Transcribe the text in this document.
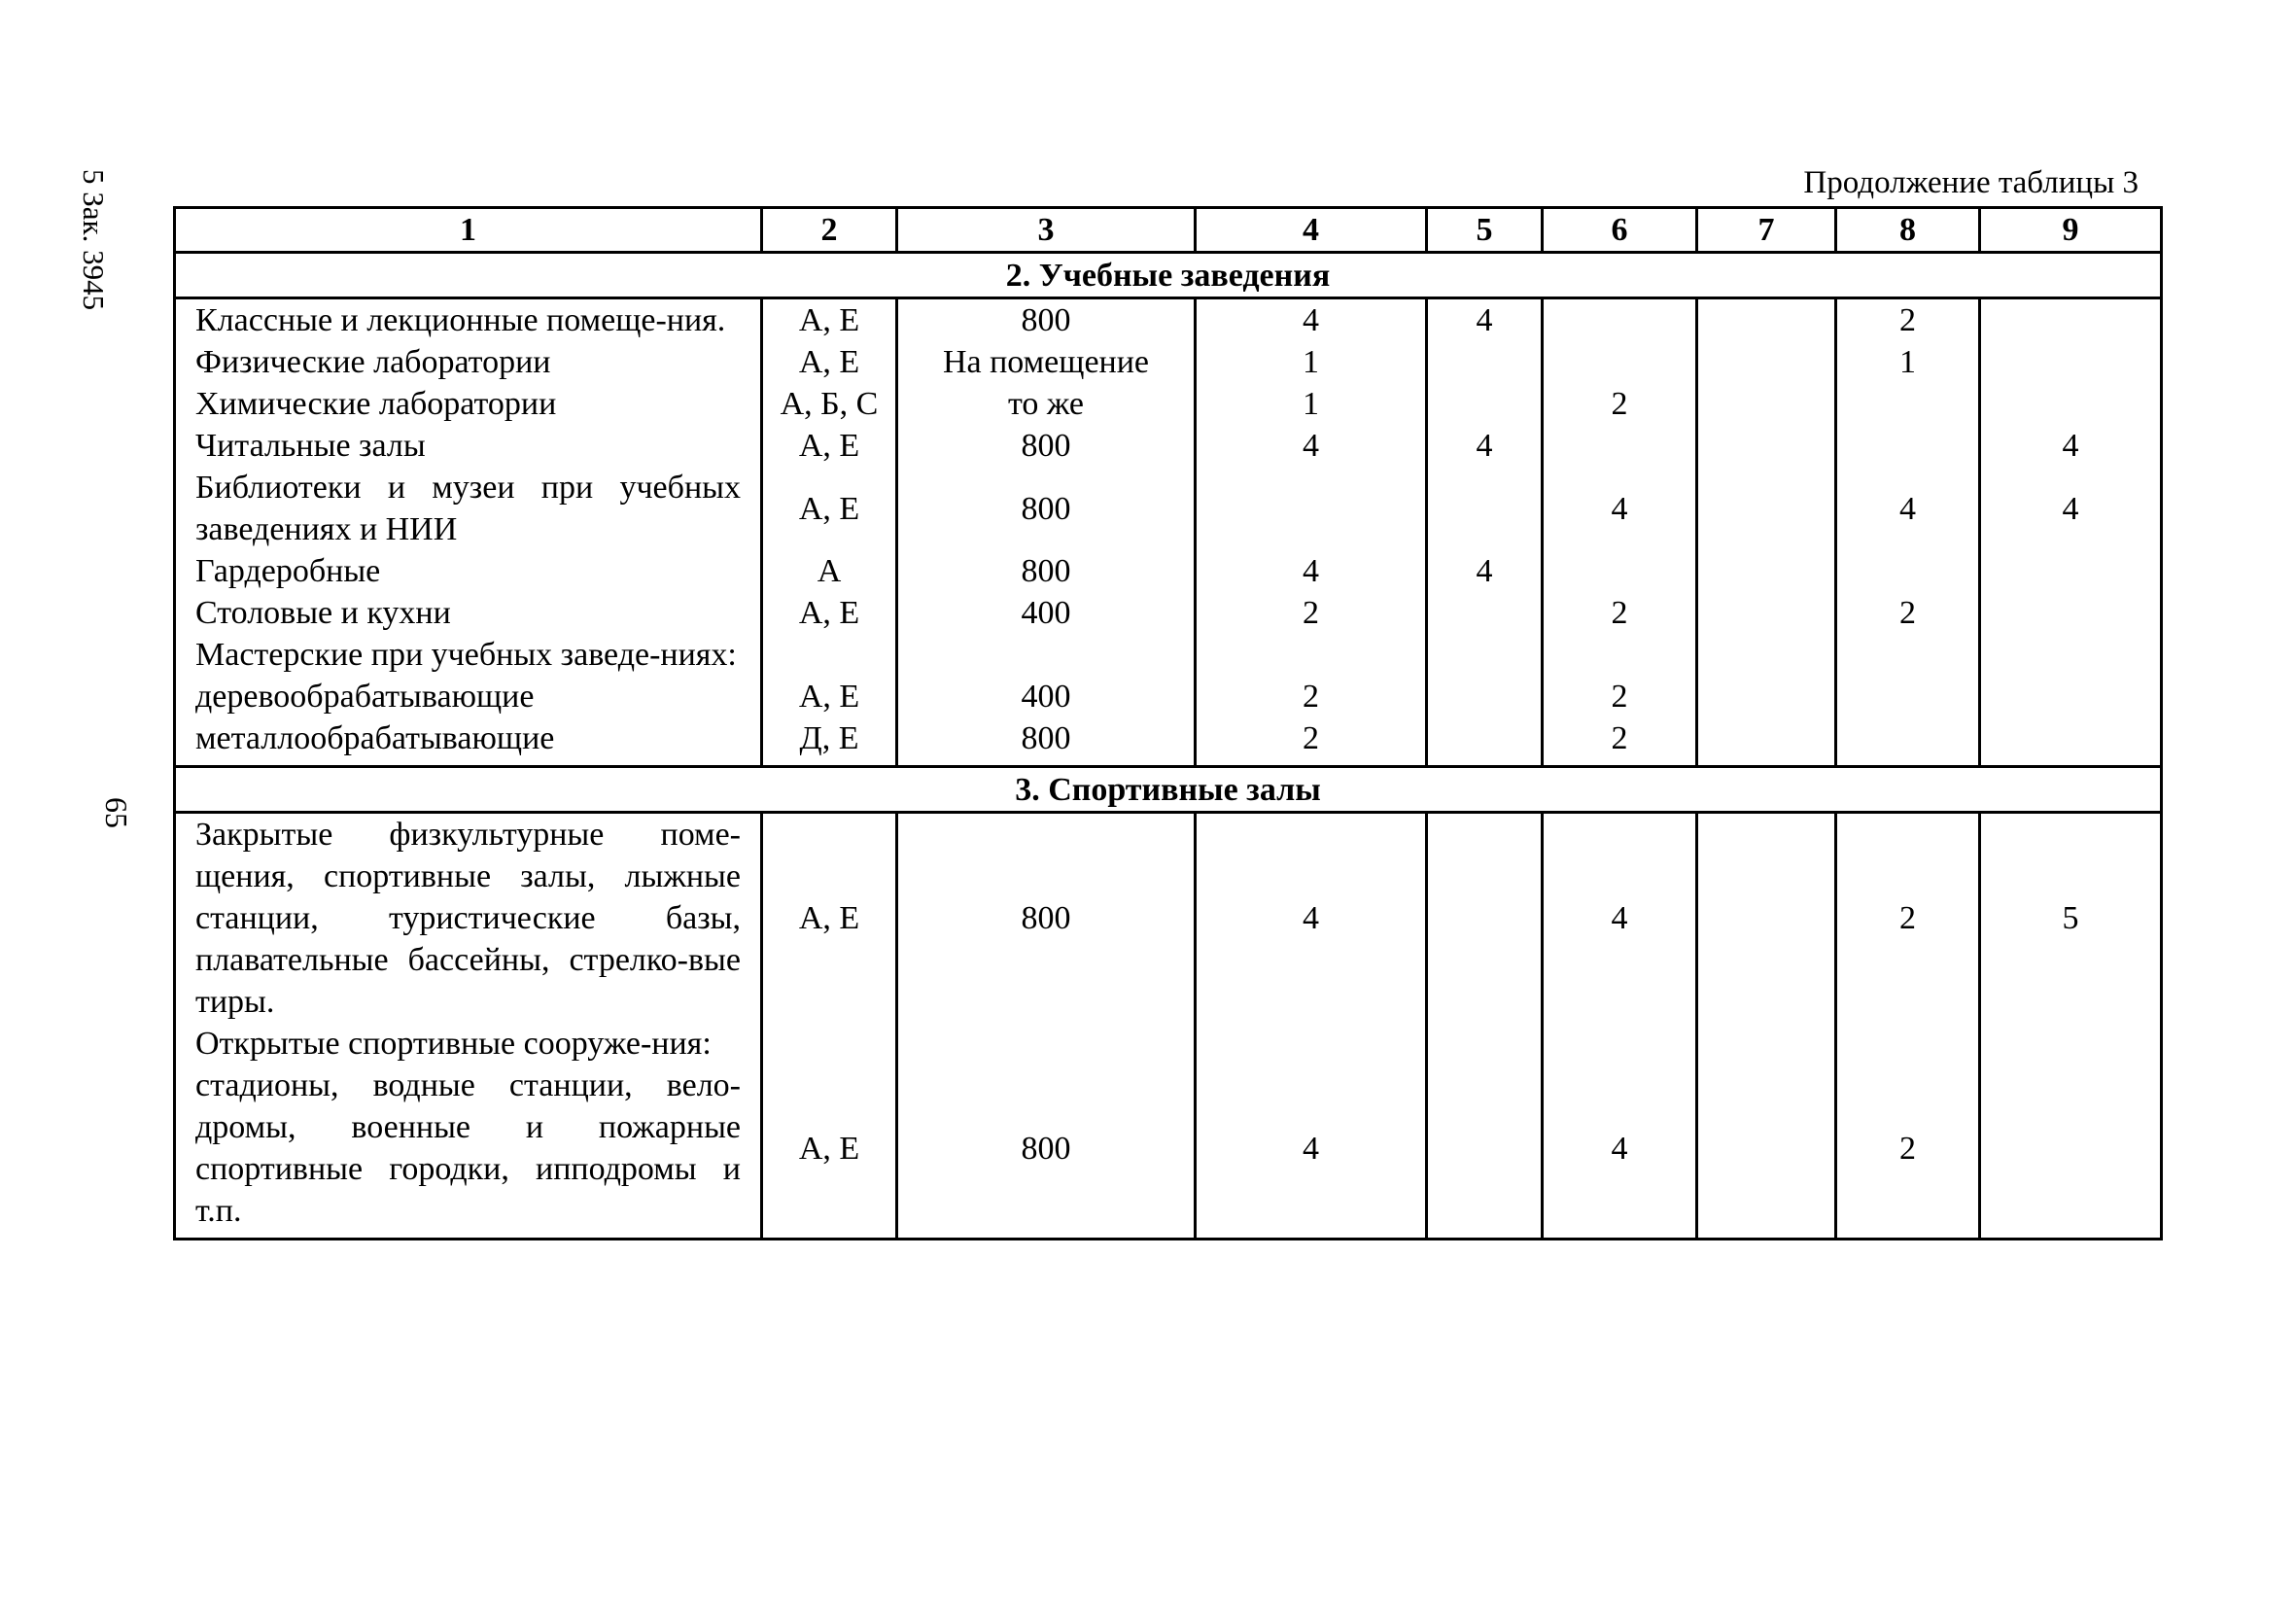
5 Зак. 3945
65
Продолжение таблицы 3
1	2	3	4	5	6	7	8	9
2. Учебные заведения								
Классные и лекционные помеще-ния.	А, Е	800	4	4			2	
Физические лаборатории	А, Е	На помещение	1				1	
Химические лаборатории	А, Б, С	то же	1		2			
Читальные залы	А, Е	800	4	4				4
Библиотеки и музеи при учебных заведениях и НИИ	А, Е	800			4		4	4
Гардеробные	А	800	4	4				
Столовые и кухни	А, Е	400	2		2		2	
Мастерские при учебных заведе-ниях:								
деревообрабатывающие	А, Е	400	2		2			
металлообрабатывающие	Д, Е	800	2		2			
3. Спортивные залы								
Закрытые физкультурные поме-щения, спортивные залы, лыжные станции, туристические базы, плавательные бассейны, стрелко-вые тиры.	А, Е	800	4		4		2	5
Открытые спортивные сооруже-ния:								
стадионы, водные станции, вело-дромы, военные и пожарные спортивные городки, ипподромы и т.п.	А, Е	800	4		4		2	
